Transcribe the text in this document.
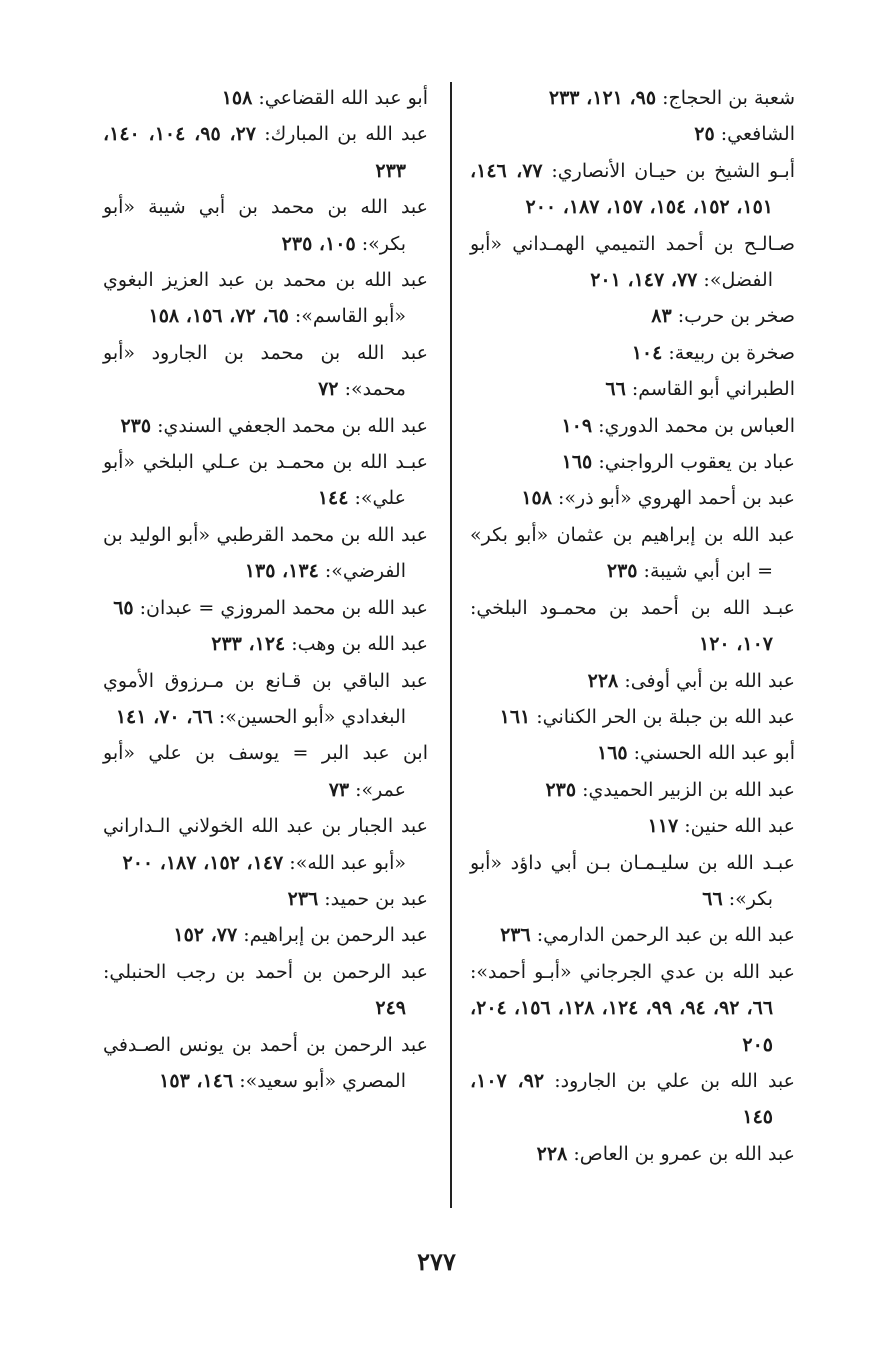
شعبة بن الحجاج: ٩٥، ١٢١، ٢٣٣

الشافعي: ٢٥

أبـو الشيخ بن حيـان الأنصاري: ٧٧، ١٤٦، ١٥١، ١٥٢، ١٥٤، ١٥٧، ١٨٧، ٢٠٠

صـالـح بن أحمد التميمي الهمـداني «أبو الفضل»: ٧٧، ١٤٧، ٢٠١

صخر بن حرب: ٨٣

صخرة بن ربيعة: ١٠٤

الطبراني أبو القاسم: ٦٦

العباس بن محمد الدوري: ١٠٩

عباد بن يعقوب الرواجني: ١٦٥

عبد بن أحمد الهروي «أبو ذر»: ١٥٨

عبد الله بن إبراهيم بن عثمان «أبو بكر» = ابن أبي شيبة: ٢٣٥

عبـد الله بن أحمد بن محمـود البلخي: ١٠٧، ١٢٠

عبد الله بن أبي أوفى: ٢٢٨

عبد الله بن جبلة بن الحر الكناني: ١٦١

أبو عبد الله الحسني: ١٦٥

عبد الله بن الزبير الحميدي: ٢٣٥

عبد الله حنين: ١١٧

عبـد الله بن سليـمـان بـن أبي داؤد «أبو بكر»: ٦٦

عبد الله بن عبد الرحمن الدارمي: ٢٣٦

عبد الله بن عدي الجرجاني «أبـو أحمد»: ٦٦، ٩٢، ٩٤، ٩٩، ١٢٤، ١٢٨، ١٥٦، ٢٠٤، ٢٠٥

عبد الله بن علي بن الجارود: ٩٢، ١٠٧، ١٤٥

عبد الله بن عمرو بن العاص: ٢٢٨

أبو عبد الله القضاعي: ١٥٨

عبد الله بن المبارك: ٢٧، ٩٥، ١٠٤، ١٤٠، ٢٣٣

عبد الله بن محمد بن أبي شيبة «أبو بكر»: ١٠٥، ٢٣٥

عبد الله بن محمد بن عبد العزيز البغوي «أبو القاسم»: ٦٥، ٧٢، ١٥٦، ١٥٨

عبد الله بن محمد بن الجارود «أبو محمد»: ٧٢

عبد الله بن محمد الجعفي السندي: ٢٣٥

عبـد الله بن محمـد بن عـلي البلخي «أبو علي»: ١٤٤

عبد الله بن محمد القرطبي «أبو الوليد بن الفرضي»: ١٣٤، ١٣٥

عبد الله بن محمد المروزي = عبدان: ٦٥

عبد الله بن وهب: ١٢٤، ٢٣٣

عبد الباقي بن قـانع بن مـرزوق الأموي البغدادي «أبو الحسين»: ٦٦، ٧٠، ١٤١

ابن عبد البر = يوسف بن علي «أبو عمر»: ٧٣

عبد الجبار بن عبد الله الخولاني الـداراني «أبو عبد الله»: ١٤٧، ١٥٢، ١٨٧، ٢٠٠

عبد بن حميد: ٢٣٦

عبد الرحمن بن إبراهيم: ٧٧، ١٥٢

عبد الرحمن بن أحمد بن رجب الحنبلي: ٢٤٩

عبد الرحمن بن أحمد بن يونس الصـدفي المصري «أبو سعيد»: ١٤٦، ١٥٣

٢٧٧
